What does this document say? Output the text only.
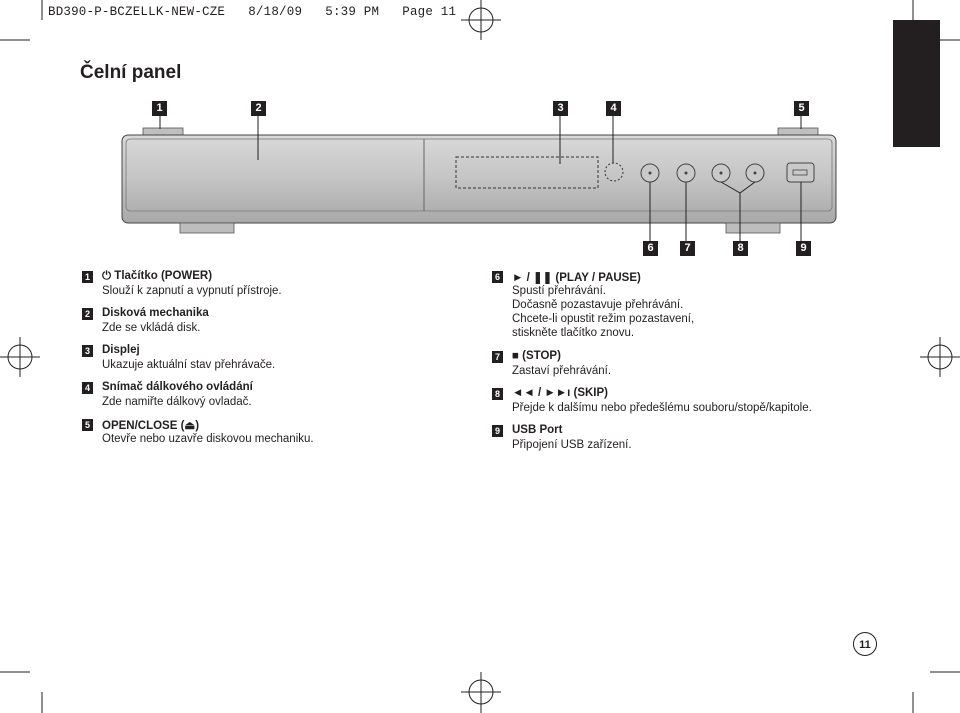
BD390-P-BCZELLK-NEW-CZE   8/18/09   5:39 PM   Page 11
Čelní panel
1	2	3	4	5
6	7	8	9
1 ⏻ Tlačítko (POWER)
Slouží k zapnutí a vypnutí přístroje.
2 Disková mechanika
Zde se vkládá disk.
3 Displej
Ukazuje aktuální stav přehrávače.
4 Snímač dálkového ovládání
Zde namiřte dálkový ovladač.
5 OPEN/CLOSE (⏏)
Otevře nebo uzavře diskovou mechaniku.
6 ► / ❚❚ (PLAY / PAUSE)
Spustí přehrávání.
Dočasně pozastavuje přehrávání.
Chcete-li opustit režim pozastavení,
stiskněte tlačítko znovu.
7 ■ (STOP)
Zastaví přehrávání.
8 ◄◄ / ►►ı (SKIP)
Přejde k dalšímu nebo předešlému souboru/stopě/kapitole.
9 USB Port
Připojení USB zařízení.
11
